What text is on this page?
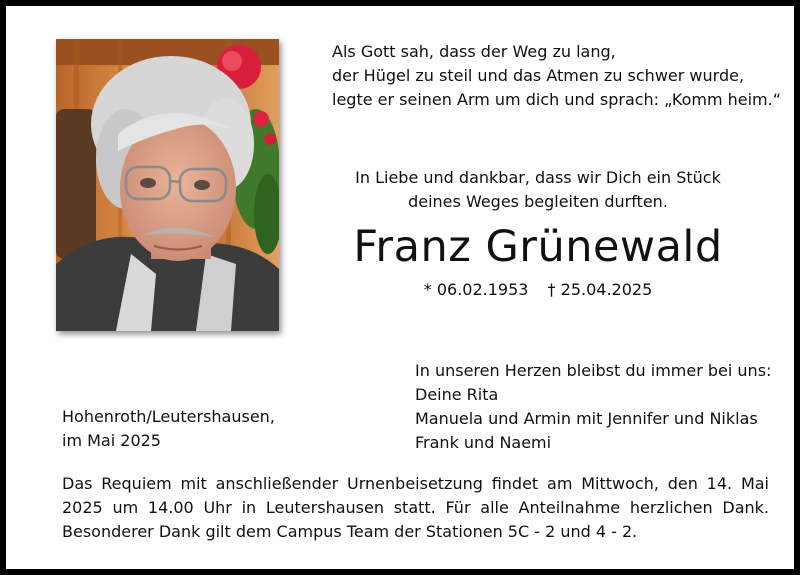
Als Gott sah, dass der Weg zu lang,
der Hügel zu steil und das Atmen zu schwer wurde,
legte er seinen Arm um dich und sprach: „Komm heim.“
In Liebe und dankbar, dass wir Dich ein Stück
deines Weges begleiten durften.
Franz Grünewald
* 06.02.1953 † 25.04.2025
In unseren Herzen bleibst du immer bei uns:
Deine Rita
Manuela und Armin mit Jennifer und Niklas
Frank und Naemi
Hohenroth/Leutershausen,
im Mai 2025
Das Requiem mit anschließender Urnenbeisetzung findet am Mittwoch, den 14. Mai 2025 um 14.00 Uhr in Leutershausen statt. Für alle Anteilnahme herzlichen Dank. Besonderer Dank gilt dem Campus Team der Stationen 5C - 2 und 4 - 2.
